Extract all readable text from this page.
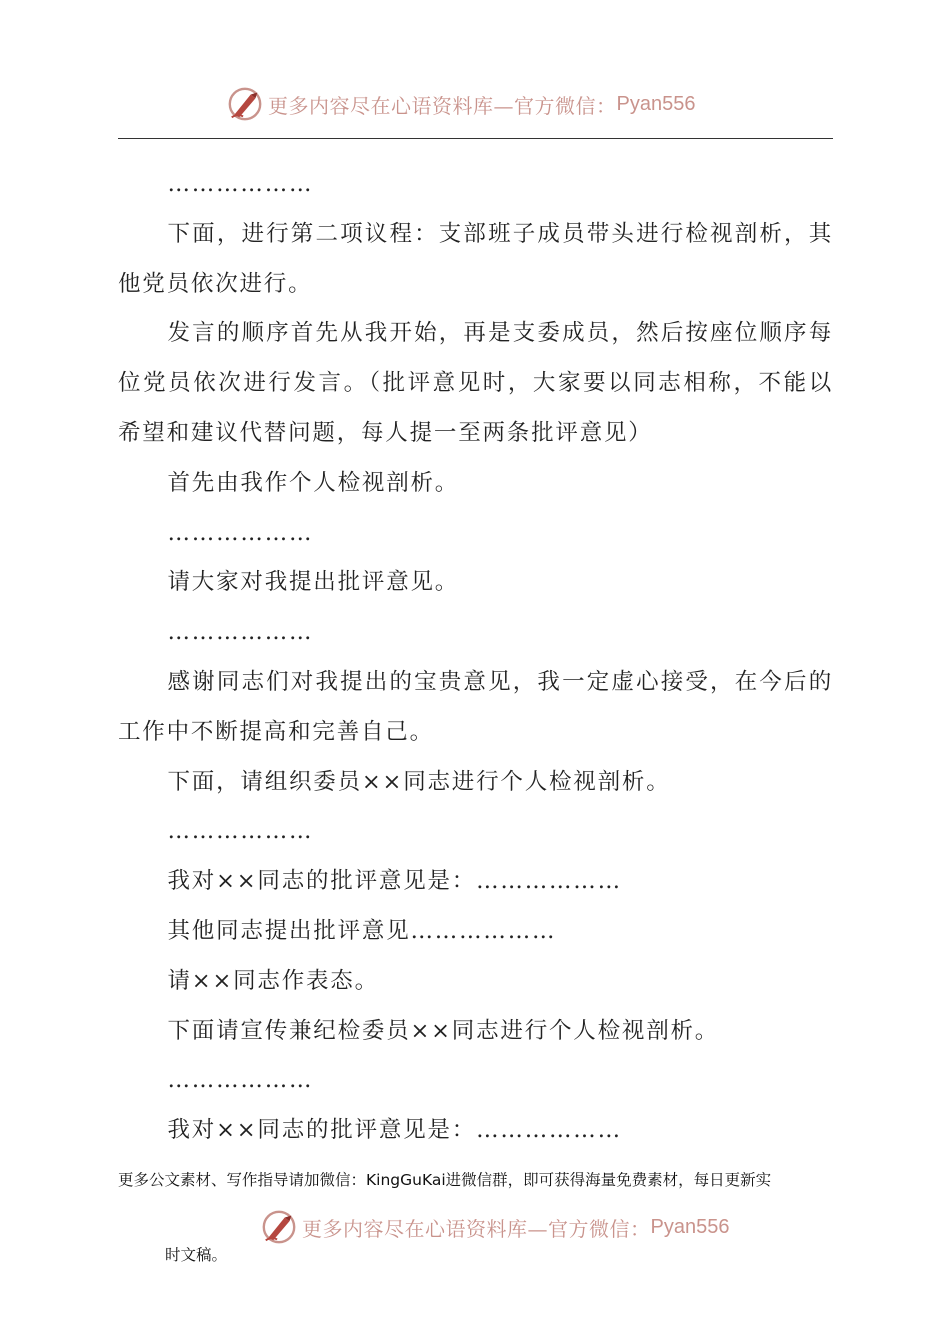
更多内容尽在心语资料库—官方微信： Pyan556

………………

下面，进行第二项议程：支部班子成员带头进行检视剖析，其他党员依次进行。

发言的顺序首先从我开始，再是支委成员，然后按座位顺序每位党员依次进行发言。（批评意见时，大家要以同志相称，不能以希望和建议代替问题，每人提一至两条批评意见）

首先由我作个人检视剖析。

………………

请大家对我提出批评意见。

………………

感谢同志们对我提出的宝贵意见，我一定虚心接受，在今后的工作中不断提高和完善自己。

下面，请组织委员××同志进行个人检视剖析。

………………

我对××同志的批评意见是：………………

其他同志提出批评意见………………

请××同志作表态。

下面请宣传兼纪检委员××同志进行个人检视剖析。

………………

我对××同志的批评意见是：………………

更多公文素材、写作指导请加微信：KingGuKai进微信群，即可获得海量免费素材，每日更新实
更多内容尽在心语资料库—官方微信： Pyan556
时文稿。
